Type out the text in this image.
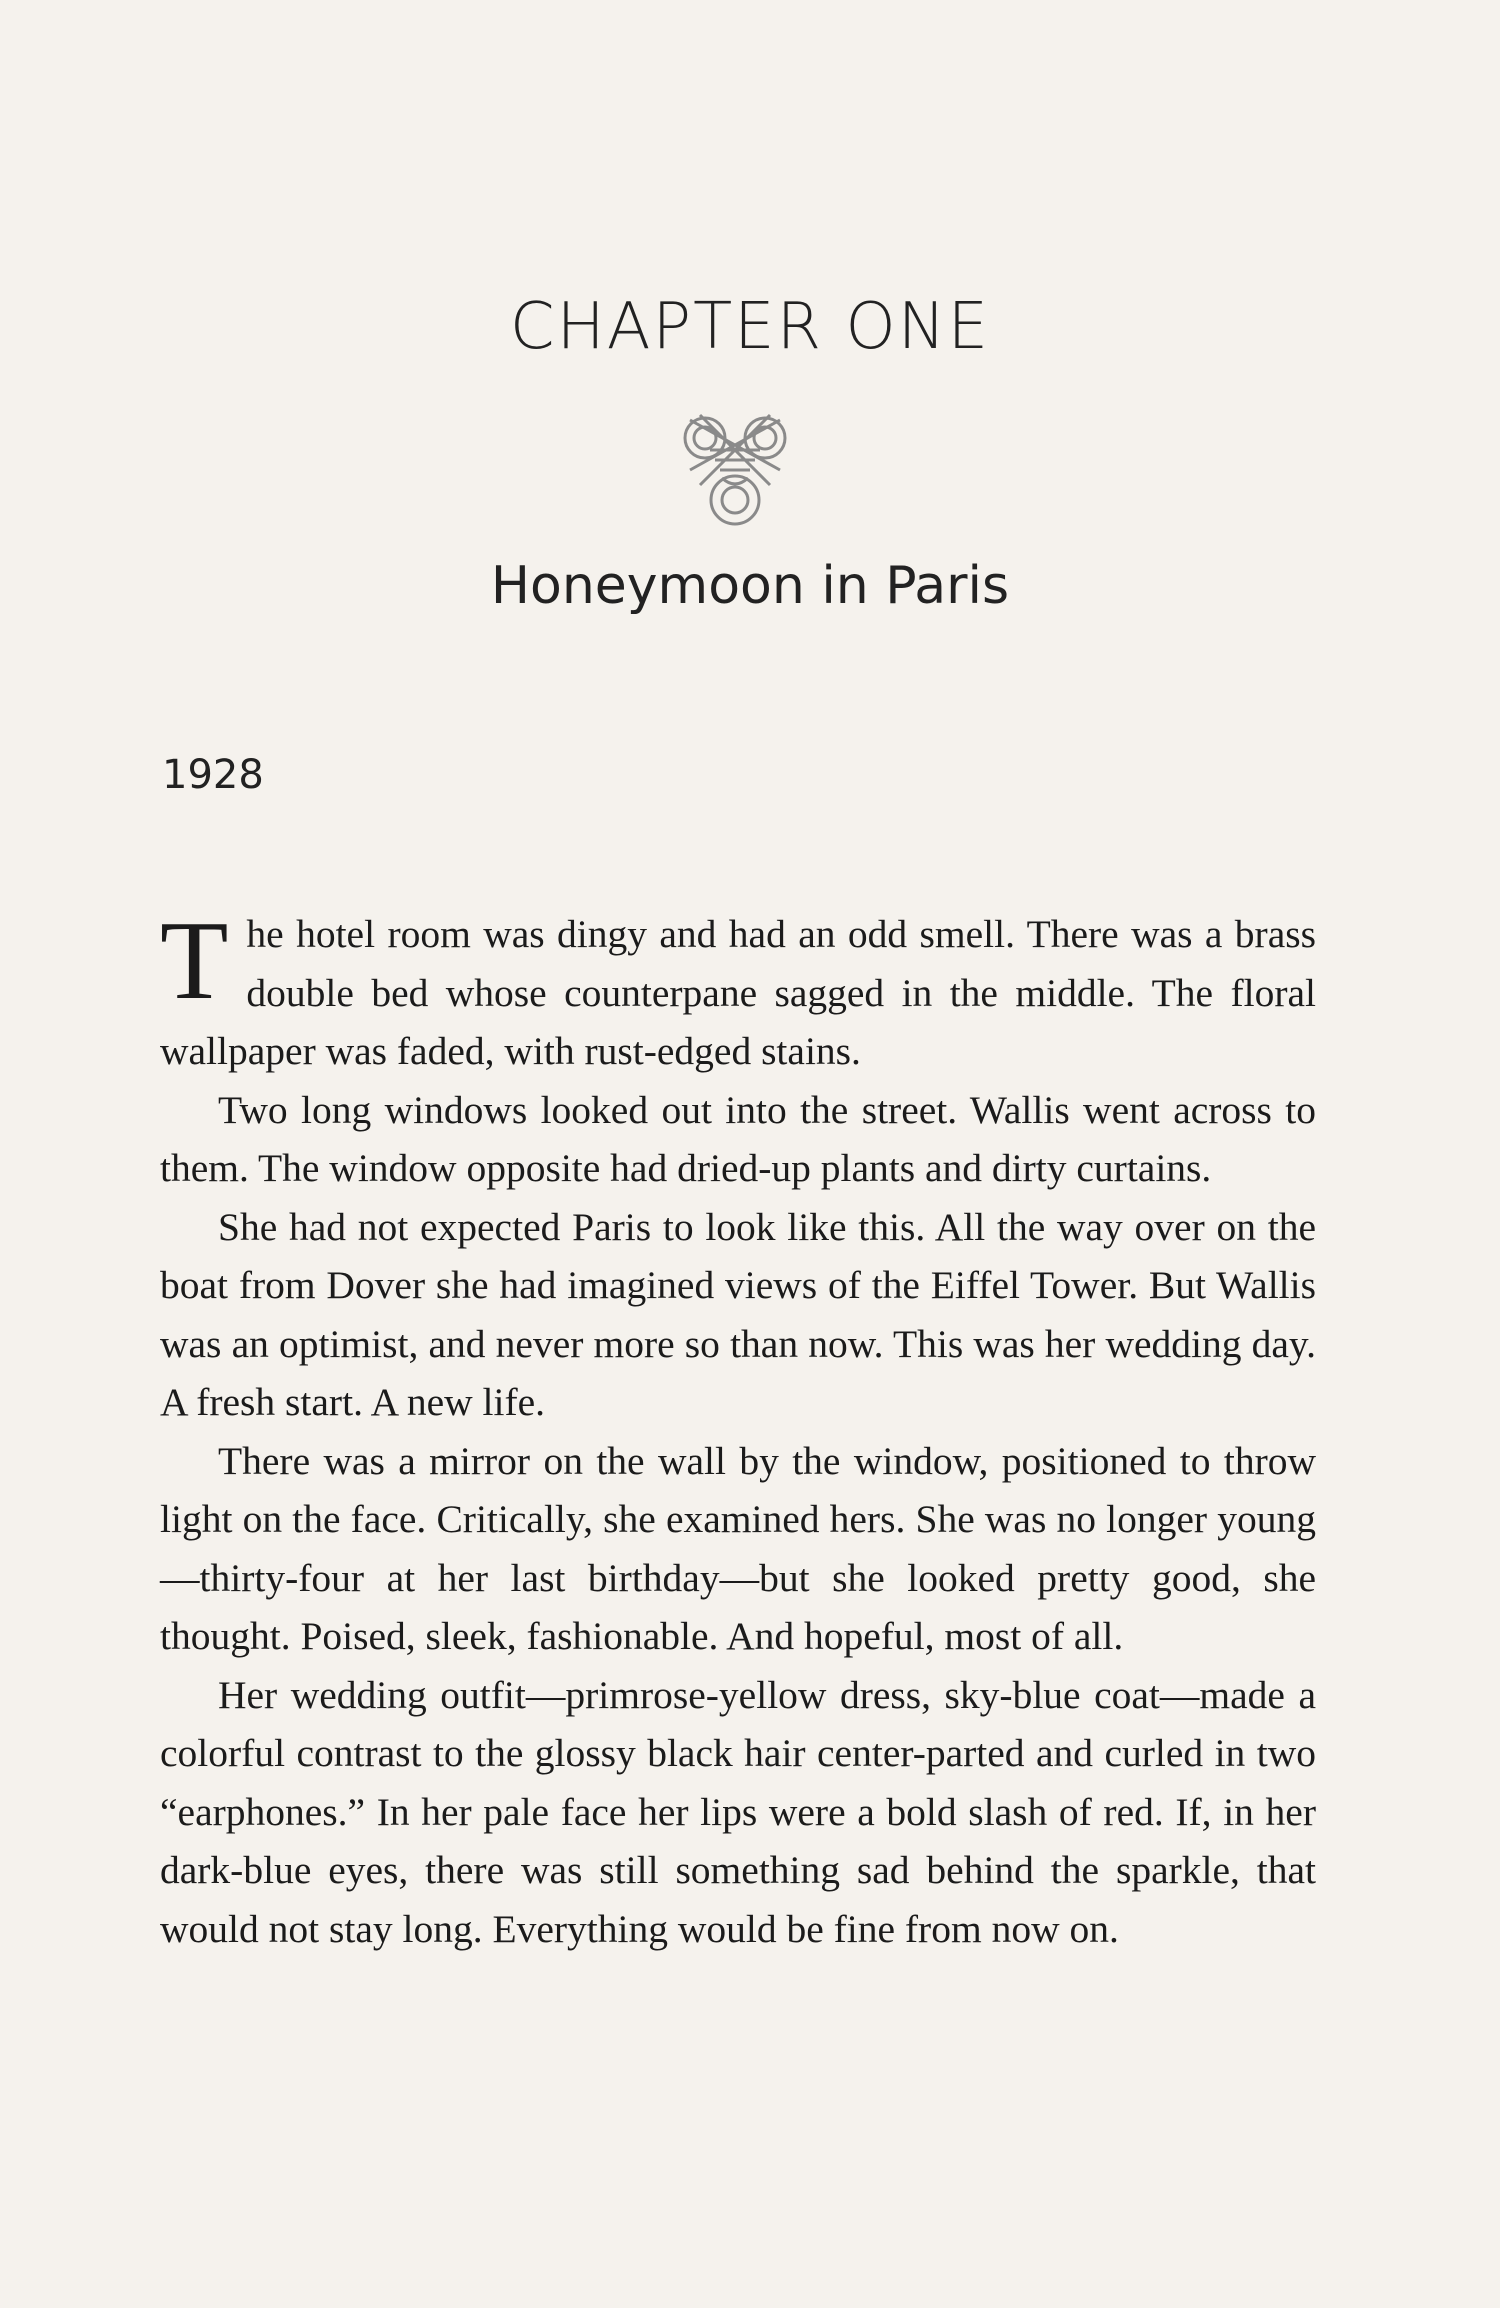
CHAPTER ONE
Honeymoon in Paris
1928

The hotel room was dingy and had an odd smell. There was a brass double bed whose counterpane sagged in the middle. The floral wallpaper was faded, with rust-edged stains.

Two long windows looked out into the street. Wallis went across to them. The window opposite had dried-up plants and dirty curtains.

She had not expected Paris to look like this. All the way over on the boat from Dover she had imagined views of the Eiffel Tower. But Wallis was an optimist, and never more so than now. This was her wedding day. A fresh start. A new life.

There was a mirror on the wall by the window, positioned to throw light on the face. Critically, she examined hers. She was no longer young—thirty-four at her last birthday—but she looked pretty good, she thought. Poised, sleek, fashionable. And hopeful, most of all.

Her wedding outfit—primrose-yellow dress, sky-blue coat—made a colorful contrast to the glossy black hair center-parted and curled in two “earphones.” In her pale face her lips were a bold slash of red. If, in her dark-blue eyes, there was still something sad behind the sparkle, that would not stay long. Everything would be fine from now on.
